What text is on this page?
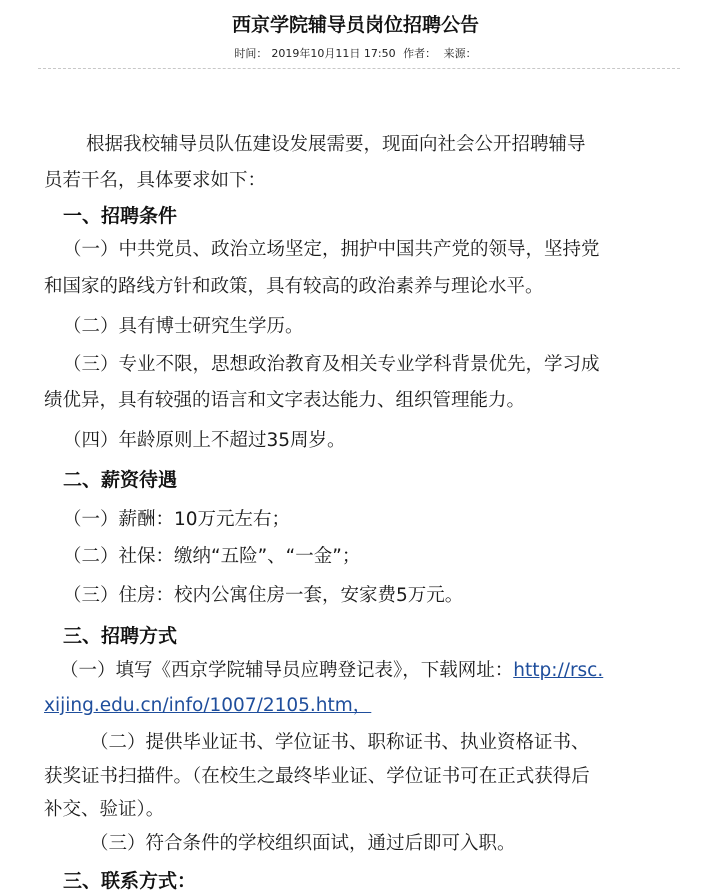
西京学院辅导员岗位招聘公告
时间： 2019年10月11日 17:50 作者： 来源：
根据我校辅导员队伍建设发展需要，现面向社会公开招聘辅导
员若干名，具体要求如下：
一、招聘条件
（一）中共党员、政治立场坚定，拥护中国共产党的领导，坚持党
和国家的路线方针和政策，具有较高的政治素养与理论水平。
（二）具有博士研究生学历。
（三）专业不限，思想政治教育及相关专业学科背景优先，学习成
绩优异，具有较强的语言和文字表达能力、组织管理能力。
（四）年龄原则上不超过35周岁。
二、薪资待遇
（一）薪酬：10万元左右；
（二）社保：缴纳“五险”、“一金”；
（三）住房：校内公寓住房一套，安家费5万元。
三、招聘方式
（一）填写《西京学院辅导员应聘登记表》，下载网址：http://rsc.
xijing.edu.cn/info/1007/2105.htm，
（二）提供毕业证书、学位证书、职称证书、执业资格证书、
获奖证书扫描件。（在校生之最终毕业证、学位证书可在正式获得后
补交、验证）。
（三）符合条件的学校组织面试，通过后即可入职。
三、联系方式：
